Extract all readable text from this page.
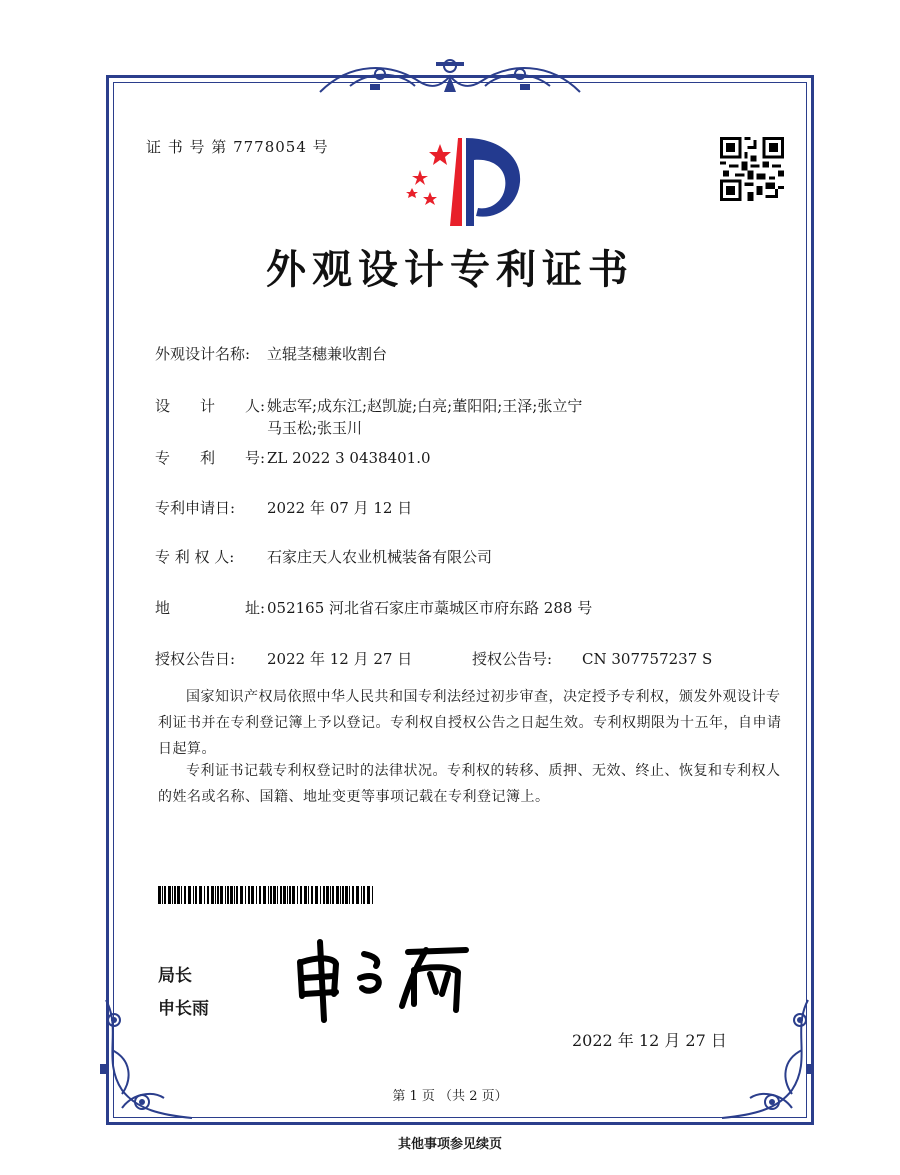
证 书 号 第 7778054 号
外观设计专利证书
外观设计名称: 立辊茎穗兼收割台
设　　计　　人: 姚志军;成东江;赵凯旋;白亮;董阳阳;王泽;张立宁
马玉松;张玉川
专　　利　　号: ZL 2022 3 0438401.0
专利申请日: 2022 年 07 月 12 日
专 利 权 人: 石家庄天人农业机械装备有限公司
地　　　　　址: 052165 河北省石家庄市藁城区市府东路 288 号
授权公告日: 2022 年 12 月 27 日	授权公告号: CN 307757237 S
国家知识产权局依照中华人民共和国专利法经过初步审查，决定授予专利权，颁发外观设计专利证书并在专利登记簿上予以登记。专利权自授权公告之日起生效。专利权期限为十五年，自申请日起算。
专利证书记载专利权登记时的法律状况。专利权的转移、质押、无效、终止、恢复和专利权人的姓名或名称、国籍、地址变更等事项记载在专利登记簿上。
局长
申长雨
2022 年 12 月 27 日
第 1 页 （共 2 页）
其他事项参见续页
